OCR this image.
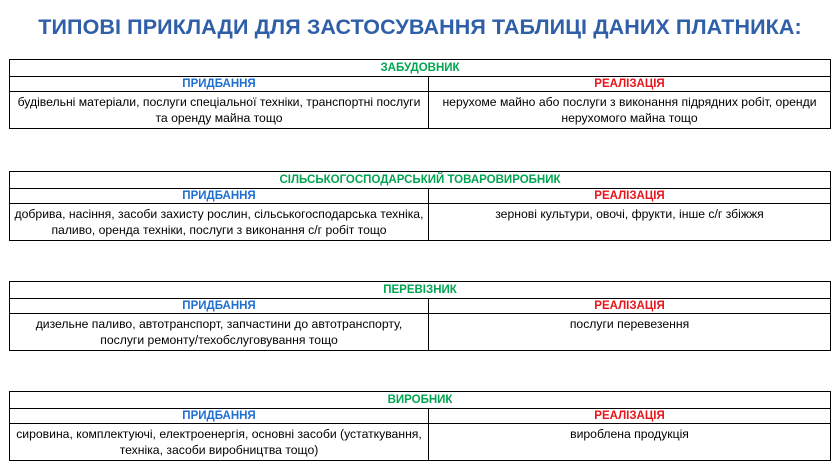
ТИПОВІ ПРИКЛАДИ ДЛЯ ЗАСТОСУВАННЯ ТАБЛИЦІ ДАНИХ ПЛАТНИКА:
ЗАБУДОВНИК	
ПРИДБАННЯ	РЕАЛІЗАЦІЯ
будівельні матеріали, послуги спеціальної техніки, транспортні послуги та оренду майна тощо	нерухоме майно або послуги з виконання підрядних робіт, оренди нерухомого майна тощо
СІЛЬСЬКОГОСПОДАРСЬКИЙ ТОВАРОВИРОБНИК	
ПРИДБАННЯ	РЕАЛІЗАЦІЯ
добрива, насіння, засоби захисту рослин, сільськогосподарська техніка, паливо, оренда техніки, послуги з виконання с/г робіт тощо	зернові культури, овочі, фрукти, інше с/г збіжжя
ПЕРЕВІЗНИК	
ПРИДБАННЯ	РЕАЛІЗАЦІЯ
дизельне паливо, автотранспорт, запчастини до автотранспорту, послуги ремонту/техобслуговування тощо	послуги перевезення
ВИРОБНИК	
ПРИДБАННЯ	РЕАЛІЗАЦІЯ
сировина, комплектуючі, електроенергія, основні засоби (устаткування, техніка, засоби виробництва тощо)	вироблена продукція
